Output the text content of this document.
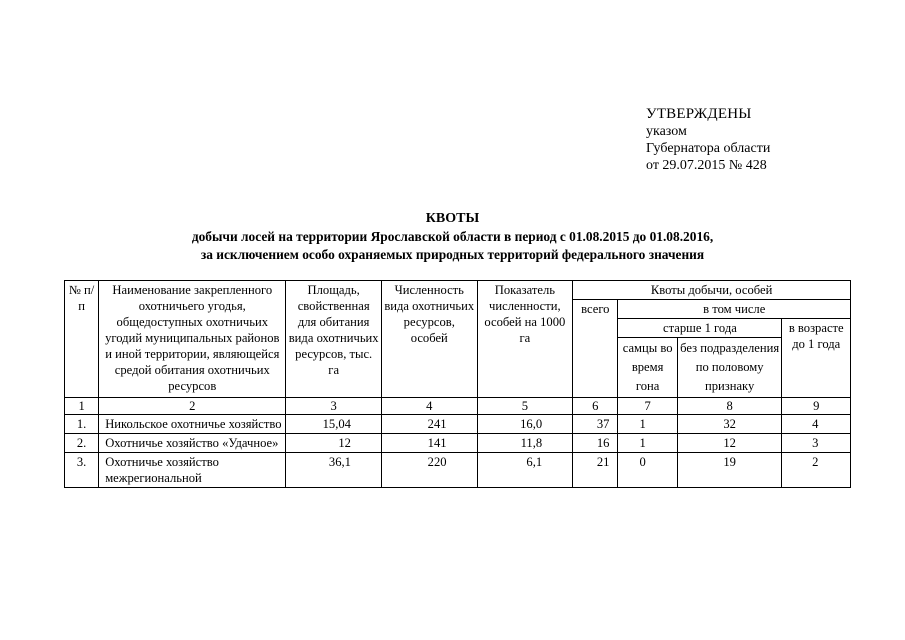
УТВЕРЖДЕНЫ
указом
Губернатора области
от 29.07.2015 № 428
КВОТЫ
добычи лосей на территории Ярославской области в период с 01.08.2015 до 01.08.2016,
за исключением особо охраняемых природных территорий федерального значения
№ п/п	Наименование закрепленного охотничьего угодья, общедоступных охотничьих угодий муниципальных районов и иной территории, являющейся средой обитания охотничьих ресурсов	Площадь, свойственная для обитания вида охотничьих ресурсов, тыс. га	Численность вида охотничьих ресурсов, особей	Показатель численности, особей на 1000 га	Квоты добычи, особей			
					всего	в том числе		
						старше 1 года		в возрасте до 1 года
						самцы во время гона	без подразделения по половому признаку	
1	2	3	4	5	6	7	8	9
1.	Никольское охотничье хозяйство	15,04	241	16,0	37	1	32	4
2.	Охотничье хозяйство «Удачное»	12	141	11,8	16	1	12	3
3.	Охотничье хозяйство межрегиональной	36,1	220	6,1	21	0	19	2
